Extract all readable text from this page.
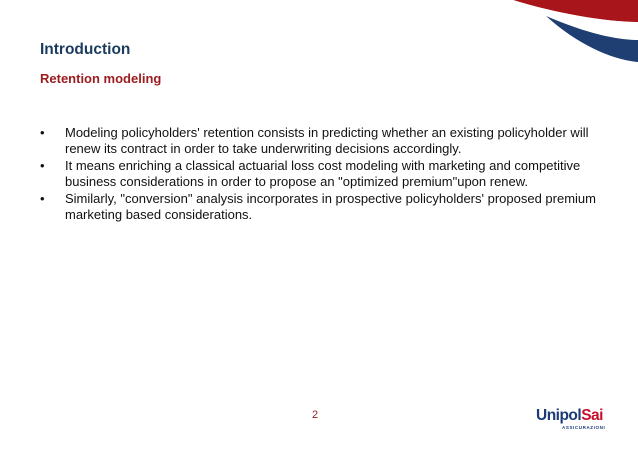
Introduction
Retention modeling
• Modeling policyholders' retention consists in predicting whether an existing policyholder will renew its contract in order to take underwriting decisions accordingly.
• It means enriching a classical actuarial loss cost modeling with marketing and competitive business considerations in order to propose an "optimized premium"upon renew.
• Similarly, "conversion" analysis incorporates in prospective policyholders' proposed premium marketing based considerations.
2	UnipolSai
ASSICURAZIONI
